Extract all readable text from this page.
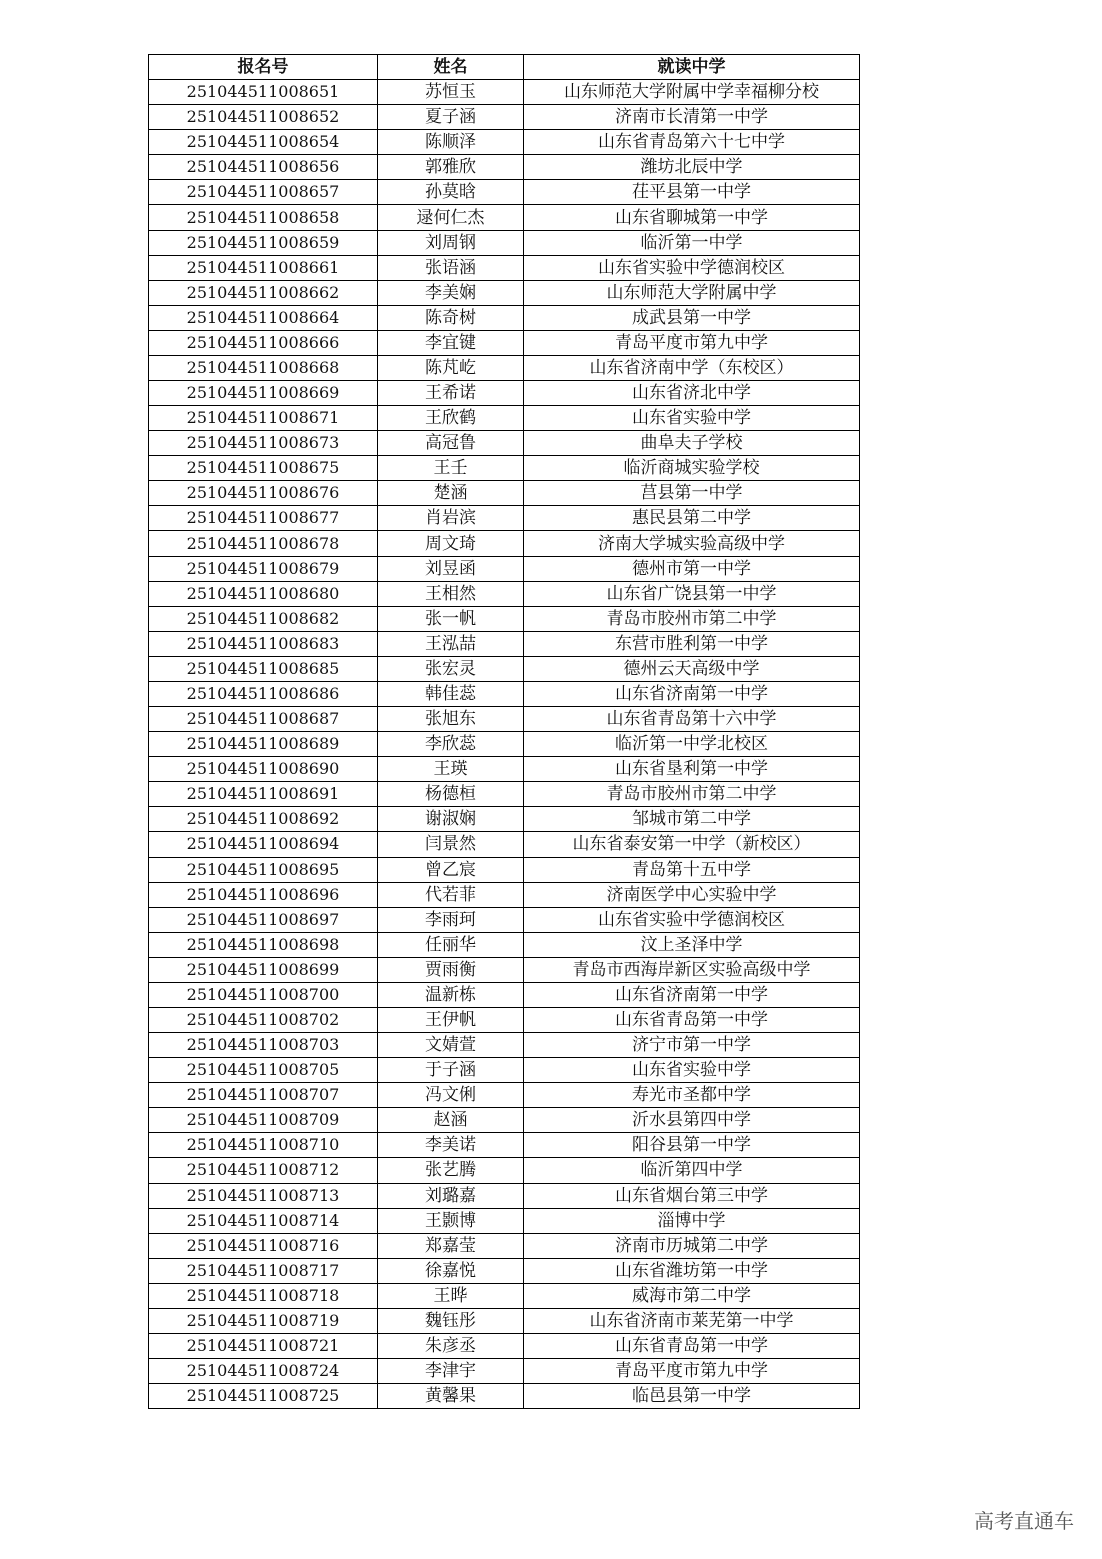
报名号	姓名	就读中学
251044511008651	苏恒玉	山东师范大学附属中学幸福柳分校
251044511008652	夏子涵	济南市长清第一中学
251044511008654	陈顺泽	山东省青岛第六十七中学
251044511008656	郭雅欣	潍坊北辰中学
251044511008657	孙莫晗	茌平县第一中学
251044511008658	逯何仁杰	山东省聊城第一中学
251044511008659	刘周钢	临沂第一中学
251044511008661	张语涵	山东省实验中学德润校区
251044511008662	李美娴	山东师范大学附属中学
251044511008664	陈奇树	成武县第一中学
251044511008666	李宜键	青岛平度市第九中学
251044511008668	陈芃屹	山东省济南中学（东校区）
251044511008669	王希诺	山东省济北中学
251044511008671	王欣鹤	山东省实验中学
251044511008673	高冠鲁	曲阜夫子学校
251044511008675	王壬	临沂商城实验学校
251044511008676	楚涵	莒县第一中学
251044511008677	肖岩滨	惠民县第二中学
251044511008678	周文琦	济南大学城实验高级中学
251044511008679	刘昱函	德州市第一中学
251044511008680	王相然	山东省广饶县第一中学
251044511008682	张一帆	青岛市胶州市第二中学
251044511008683	王泓喆	东营市胜利第一中学
251044511008685	张宏灵	德州云天高级中学
251044511008686	韩佳蕊	山东省济南第一中学
251044511008687	张旭东	山东省青岛第十六中学
251044511008689	李欣蕊	临沂第一中学北校区
251044511008690	王瑛	山东省垦利第一中学
251044511008691	杨德桓	青岛市胶州市第二中学
251044511008692	谢淑娴	邹城市第二中学
251044511008694	闫景然	山东省泰安第一中学（新校区）
251044511008695	曾乙宸	青岛第十五中学
251044511008696	代若菲	济南医学中心实验中学
251044511008697	李雨珂	山东省实验中学德润校区
251044511008698	任丽华	汶上圣泽中学
251044511008699	贾雨衡	青岛市西海岸新区实验高级中学
251044511008700	温新栋	山东省济南第一中学
251044511008702	王伊帆	山东省青岛第一中学
251044511008703	文婧萱	济宁市第一中学
251044511008705	于子涵	山东省实验中学
251044511008707	冯文俐	寿光市圣都中学
251044511008709	赵涵	沂水县第四中学
251044511008710	李美诺	阳谷县第一中学
251044511008712	张艺腾	临沂第四中学
251044511008713	刘璐嘉	山东省烟台第三中学
251044511008714	王颢博	淄博中学
251044511008716	郑嘉莹	济南市历城第二中学
251044511008717	徐嘉悦	山东省潍坊第一中学
251044511008718	王晔	威海市第二中学
251044511008719	魏钰彤	山东省济南市莱芜第一中学
251044511008721	朱彦丞	山东省青岛第一中学
251044511008724	李津宇	青岛平度市第九中学
251044511008725	黄馨果	临邑县第一中学
高考直通车
